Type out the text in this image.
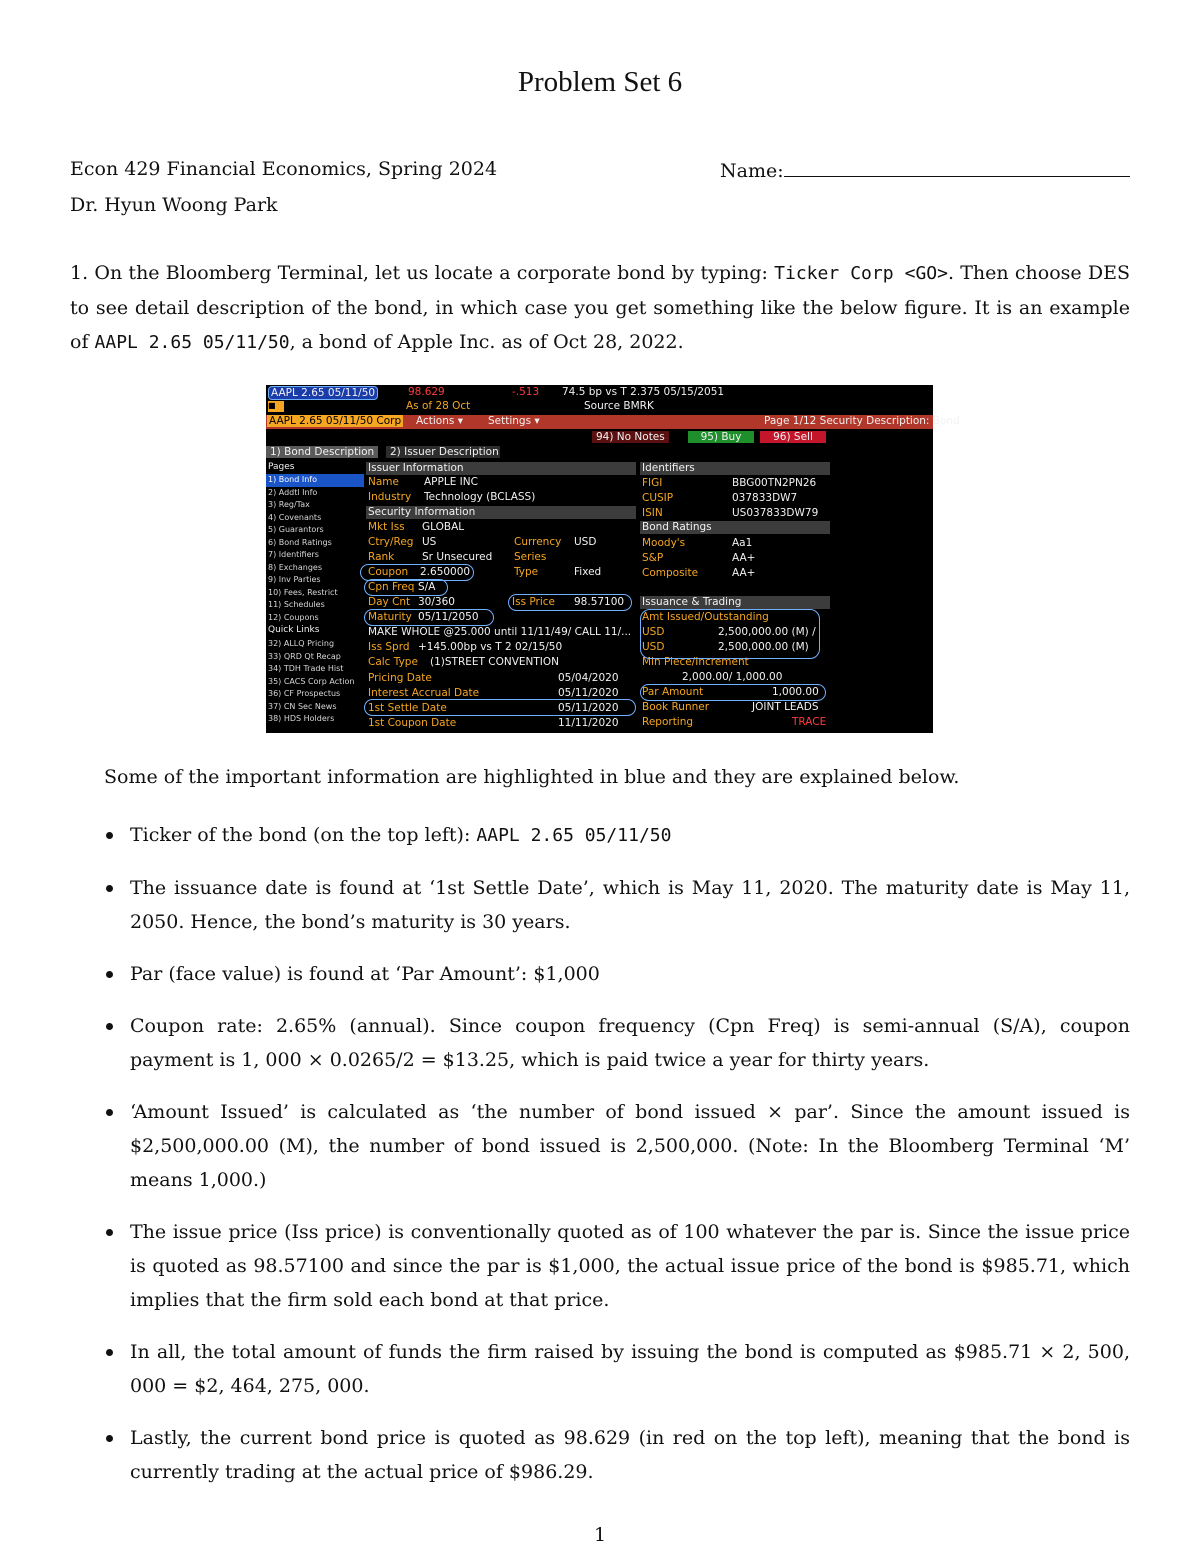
Problem Set 6
Econ 429 Financial Economics, Spring 2024	Name:
Dr. Hyun Woong Park
1. On the Bloomberg Terminal, let us locate a corporate bond by typing: Ticker Corp <GO>. Then choose DES to see detail description of the bond, in which case you get something like the below figure. It is an example of AAPL 2.65 05/11/50, a bond of Apple Inc. as of Oct 28, 2022.
AAPL 2.65 05/11/50	98.629	-.513 74.5 bp vs T 2.375 05/15/2051
■	As of 28 Oct	Source BMRK
AAPL 2.65 05/11/50 Corp Actions ▾ Settings ▾	Page 1/12 Security Description: Bond
94) No Notes	95) Buy	96) Sell
1) Bond Description	2) Issuer Description
Pages
1) Bond Info
2) Addtl Info
3) Reg/Tax
4) Covenants
5) Guarantors
6) Bond Ratings
7) Identifiers
8) Exchanges
9) Inv Parties
10) Fees, Restrict
11) Schedules
12) Coupons
Quick Links
32) ALLQ Pricing
33) QRD Qt Recap
34) TDH Trade Hist
35) CACS Corp Action
36) CF Prospectus
37) CN Sec News
38) HDS Holders
Issuer Information
Name APPLE INC
Industry Technology (BCLASS)
Security Information
Mkt Iss GLOBAL
Ctry/Reg US	Currency USD
Rank	Sr Unsecured Series
Coupon 2.650000	Type	Fixed
Cpn Freq S/A
Day Cnt 30/360	Iss Price 98.57100
Maturity 05/11/2050
MAKE WHOLE @25.000 until 11/11/49/ CALL 11/...
Iss Sprd +145.00bp vs T 2 02/15/50
Calc Type (1)STREET CONVENTION
Pricing Date	05/04/2020
Interest Accrual Date	05/11/2020
1st Settle Date	05/11/2020
1st Coupon Date	11/11/2020
Identifiers
FIGI	BBG00TN2PN26
CUSIP	037833DW7
ISIN	US037833DW79
Bond Ratings
Moody's	Aa1
S&P	AA+
Composite	AA+
Issuance & Trading
Amt Issued/Outstanding
USD	2,500,000.00 (M) /
USD	2,500,000.00 (M)
Min Piece/Increment
2,000.00/ 1,000.00
Par Amount	1,000.00
Book Runner	JOINT LEADS
Reporting	TRACE
Some of the important information are highlighted in blue and they are explained below.
Ticker of the bond (on the top left): AAPL 2.65 05/11/50
The issuance date is found at ‘1st Settle Date’, which is May 11, 2020. The maturity date is May 11, 2050. Hence, the bond’s maturity is 30 years.
Par (face value) is found at ‘Par Amount’: $1,000
Coupon rate: 2.65% (annual). Since coupon frequency (Cpn Freq) is semi-annual (S/A), coupon payment is 1, 000 × 0.0265/2 = $13.25, which is paid twice a year for thirty years.
‘Amount Issued’ is calculated as ‘the number of bond issued × par’. Since the amount issued is $2,500,000.00 (M), the number of bond issued is 2,500,000. (Note: In the Bloomberg Terminal ‘M’ means 1,000.)
The issue price (Iss price) is conventionally quoted as of 100 whatever the par is. Since the issue price is quoted as 98.57100 and since the par is $1,000, the actual issue price of the bond is $985.71, which implies that the firm sold each bond at that price.
In all, the total amount of funds the firm raised by issuing the bond is computed as $985.71 × 2, 500, 000 = $2, 464, 275, 000.
Lastly, the current bond price is quoted as 98.629 (in red on the top left), meaning that the bond is currently trading at the actual price of $986.29.
1
